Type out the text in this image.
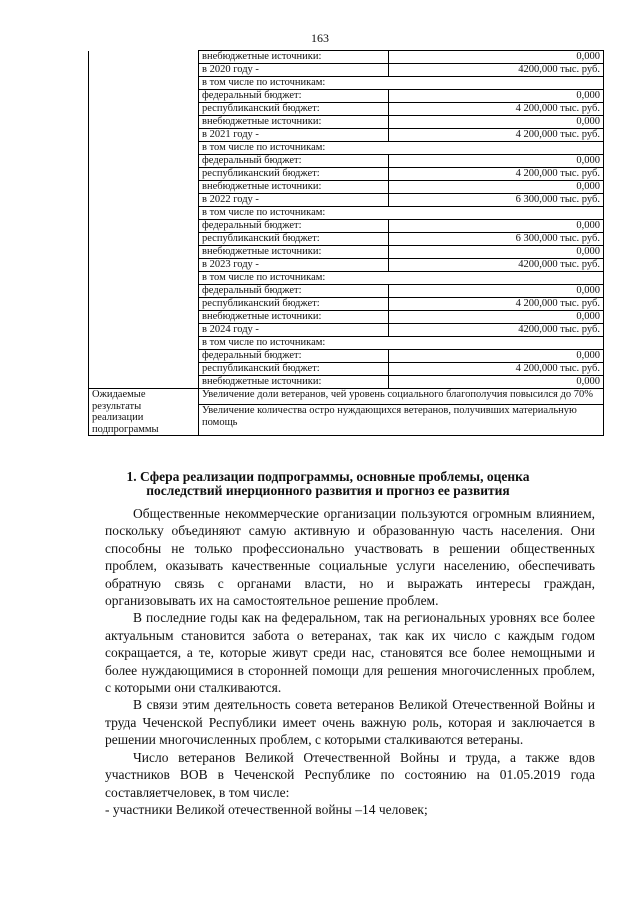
163
	внебюджетные источники:	0,000
	в 2020 году -	4200,000 тыс. руб.
	в том числе по источникам:	
	федеральный бюджет:	0,000
	республиканский бюджет:	4 200,000 тыс. руб.
	внебюджетные источники:	0,000
	в 2021 году -	4 200,000 тыс. руб.
	в том числе по источникам:	
	федеральный бюджет:	0,000
	республиканский бюджет:	4 200,000 тыс. руб.
	внебюджетные источники:	0,000
	в 2022 году -	6 300,000 тыс. руб.
	в том числе по источникам:	
	федеральный бюджет:	0,000
	республиканский бюджет:	6 300,000 тыс. руб.
	внебюджетные источники:	0,000
	в 2023 году -	4200,000 тыс. руб.
	в том числе по источникам:	
	федеральный бюджет:	0,000
	республиканский бюджет:	4 200,000 тыс. руб.
	внебюджетные источники:	0,000
	в 2024 году -	4200,000 тыс. руб.
	в том числе по источникам:	
	федеральный бюджет:	0,000
	республиканский бюджет:	4 200,000 тыс. руб.
	внебюджетные источники:	0,000
Ожидаемые результаты реализации подпрограммы	Увеличение доли ветеранов, чей уровень социального благополучия повысился до 70%	
	Увеличение количества остро нуждающихся ветеранов, получивших материальную помощь	
1. Сфера реализации подпрограммы, основные проблемы, оценка последствий инерционного развития и прогноз ее развития

Общественные некоммерческие организации пользуются огромным влиянием, поскольку объединяют самую активную и образованную часть населения. Они способны не только профессионально участвовать в решении общественных проблем, оказывать качественные социальные услуги населению, обеспечивать обратную связь с органами власти, но и выражать интересы граждан, организовывать их на самостоятельное решение проблем.

В последние годы как на федеральном, так на региональных уровнях все более актуальным становится забота о ветеранах, так как их число с каждым годом сокращается, а те, которые живут среди нас, становятся все более немощными и более нуждающимися в сторонней помощи для решения многочисленных проблем, с которыми они сталкиваются.

В связи этим деятельность совета ветеранов Великой Отечественной Войны и труда Чеченской Республики имеет очень важную роль, которая и заключается в решении многочисленных проблем, с которыми сталкиваются ветераны.

Число ветеранов Великой Отечественной Войны и труда, а также вдов участников ВОВ в Чеченской Республике по состоянию на 01.05.2019 года составляетчеловек, в том числе:

- участники Великой отечественной войны –14 человек;
